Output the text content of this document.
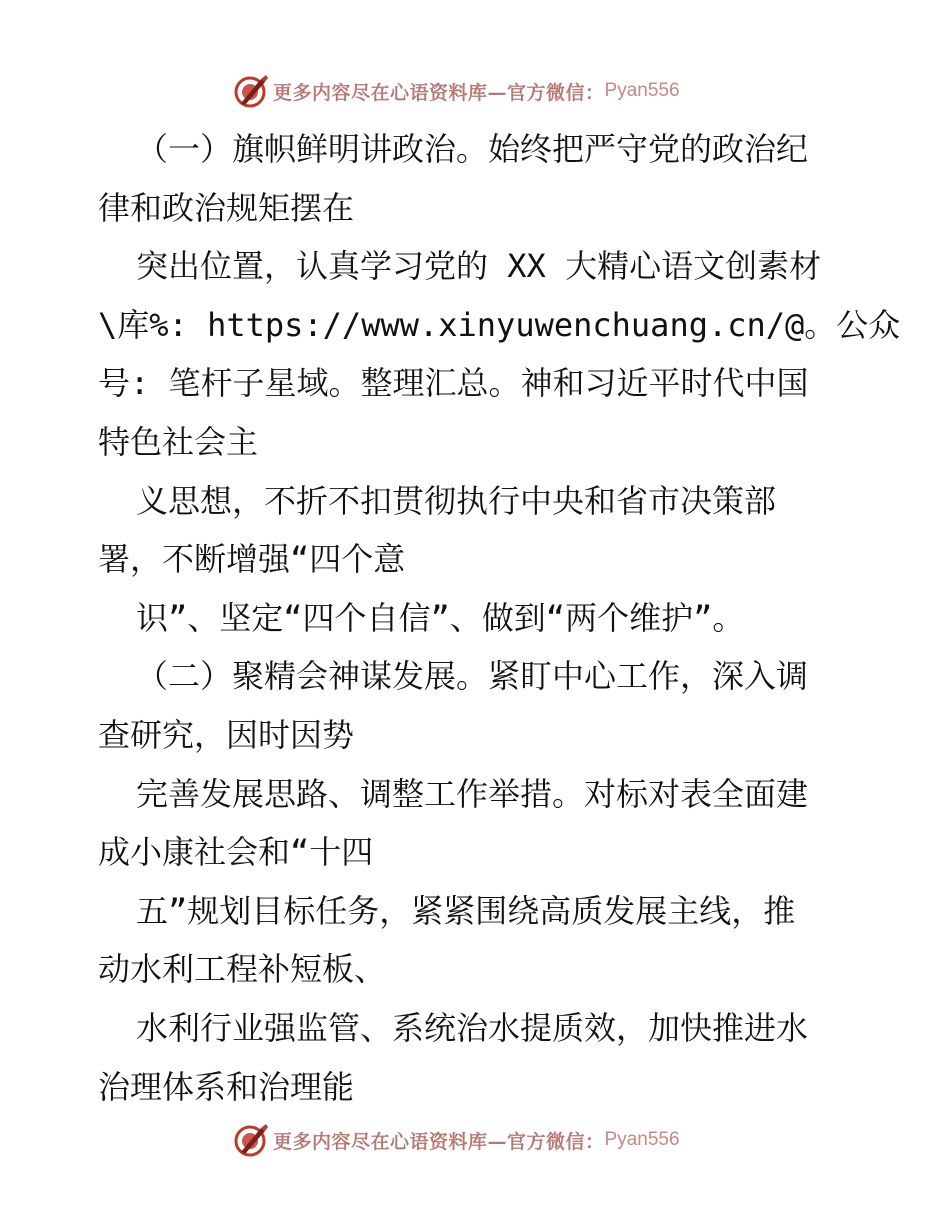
更多内容尽在心语资料库—官方微信： Pyan556
（一）旗帜鲜明讲政治。始终把严守党的政治纪
律和政治规矩摆在
突出位置，认真学习党的 XX 大精心语文创素材
\库%: https://www.xinyuwenchuang.cn/@。公众
号: 笔杆子星域。整理汇总。神和习近平时代中国
特色社会主
义思想，不折不扣贯彻执行中央和省市决策部
署，不断增强“四个意
识”、坚定“四个自信”、做到“两个维护”。
（二）聚精会神谋发展。紧盯中心工作，深入调
查研究，因时因势
完善发展思路、调整工作举措。对标对表全面建
成小康社会和“十四
五”规划目标任务，紧紧围绕高质发展主线，推
动水利工程补短板、
水利行业强监管、系统治水提质效，加快推进水
治理体系和治理能
更多内容尽在心语资料库—官方微信： Pyan556
